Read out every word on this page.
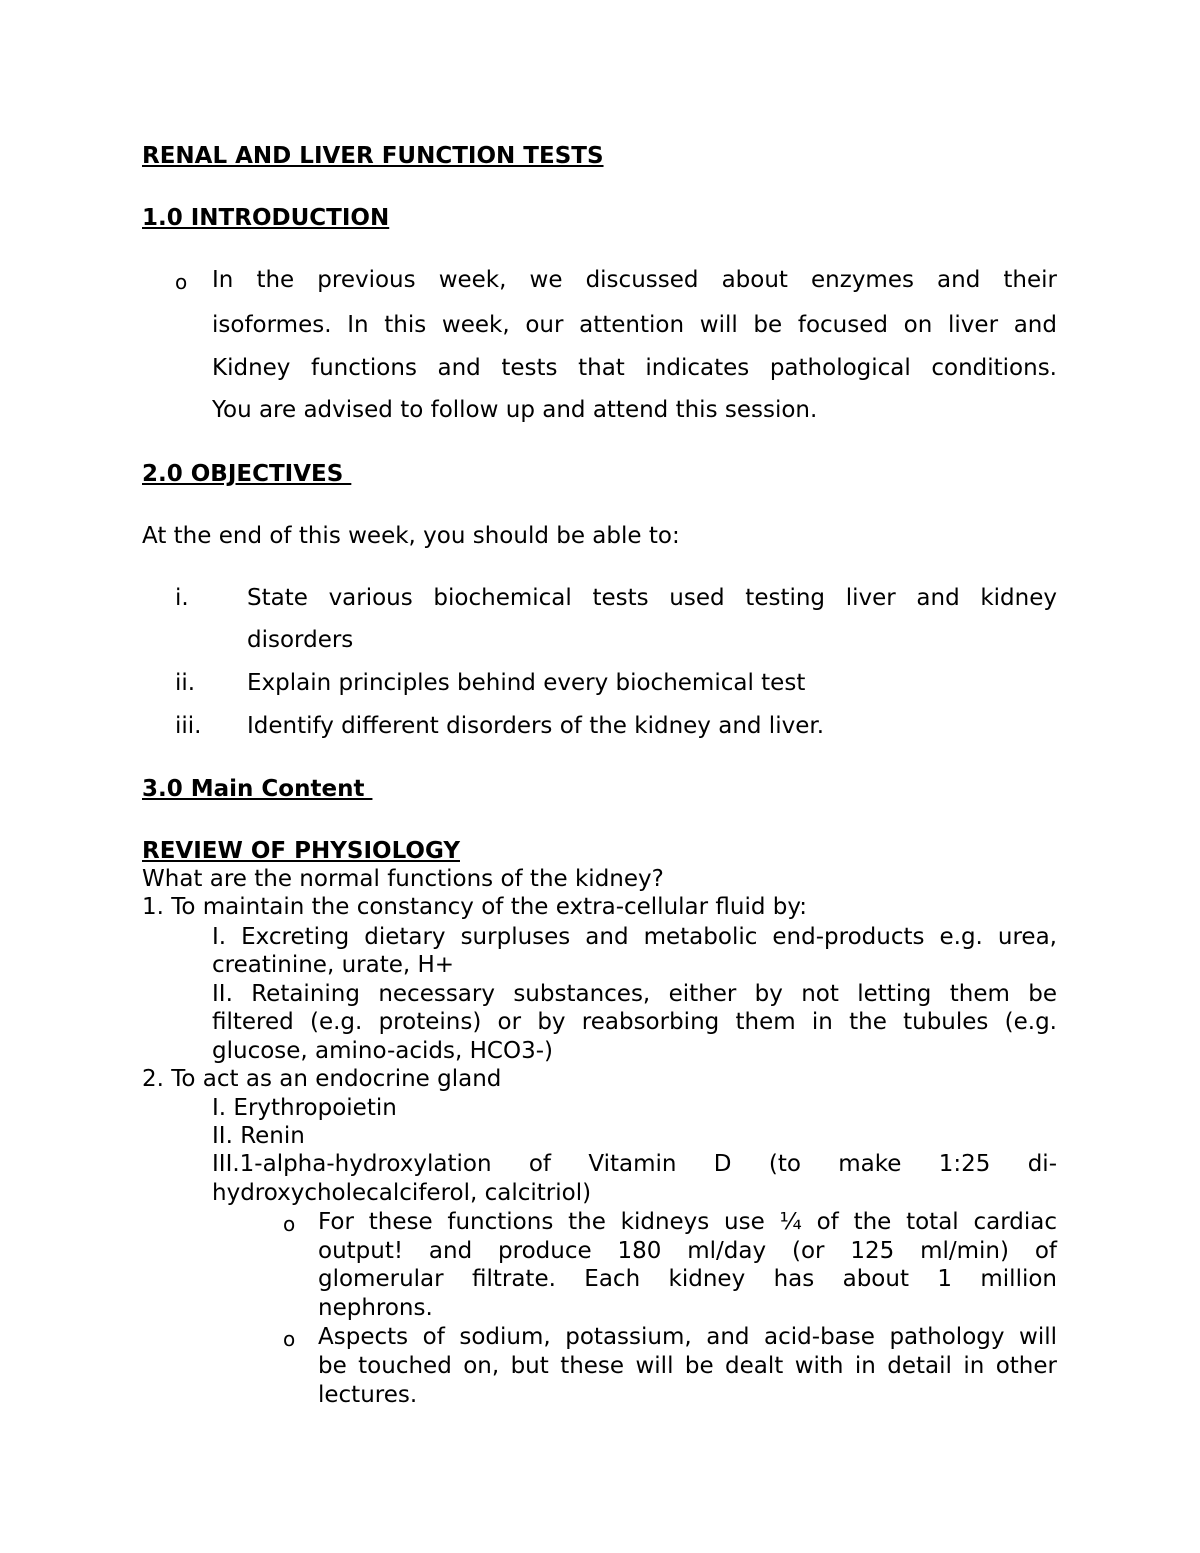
RENAL AND LIVER FUNCTION TESTS
1.0 INTRODUCTION
o In the previous week, we discussed about enzymes and their
isoformes. In this week, our attention will be focused on liver and
Kidney functions and tests that indicates pathological conditions.
You are advised to follow up and attend this session.
2.0 OBJECTIVES
At the end of this week, you should be able to:
i.	State various biochemical tests used testing liver and kidney
disorders
ii. Explain principles behind every biochemical test
iii. Identify different disorders of the kidney and liver.
3.0 Main Content
REVIEW OF PHYSIOLOGY
What are the normal functions of the kidney?
1. To maintain the constancy of the extra-cellular fluid by:
I. Excreting dietary surpluses and metabolic end-products e.g. urea,
creatinine, urate, H+
II. Retaining necessary substances, either by not letting them be
filtered (e.g. proteins) or by reabsorbing them in the tubules (e.g.
glucose, amino-acids, HCO3-)
2. To act as an endocrine gland
I. Erythropoietin
II. Renin
III.1-alpha-hydroxylation of Vitamin D (to make 1:25 di-
hydroxycholecalciferol, calcitriol)
o For these functions the kidneys use ¼ of the total cardiac
output! and produce 180 ml/day (or 125 ml/min) of
glomerular filtrate. Each kidney has about 1 million
nephrons.
o Aspects of sodium, potassium, and acid-base pathology will
be touched on, but these will be dealt with in detail in other
lectures.
